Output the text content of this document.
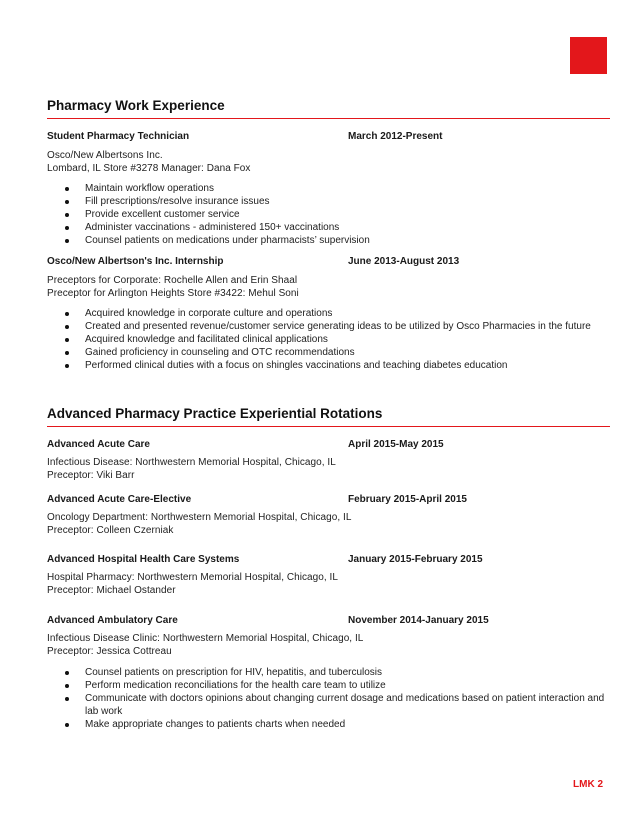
Pharmacy Work Experience
Student Pharmacy Technician	March 2012-Present
Osco/New Albertsons Inc.
Lombard, IL Store #3278 Manager: Dana Fox
Maintain workflow operations
Fill prescriptions/resolve insurance issues
Provide excellent customer service
Administer vaccinations - administered 150+ vaccinations
Counsel patients on medications under pharmacists’ supervision
Osco/New Albertson's Inc. Internship	June 2013-August 2013
Preceptors for Corporate: Rochelle Allen and Erin Shaal
Preceptor for Arlington Heights Store #3422: Mehul Soni
Acquired knowledge in corporate culture and operations
Created and presented revenue/customer service generating ideas to be utilized by Osco Pharmacies in the future
Acquired knowledge and facilitated clinical applications
Gained proficiency in counseling and OTC recommendations
Performed clinical duties with a focus on shingles vaccinations and teaching diabetes education
Advanced Pharmacy Practice Experiential Rotations
Advanced Acute Care	April 2015-May 2015
Infectious Disease: Northwestern Memorial Hospital, Chicago, IL
Preceptor: Viki Barr
Advanced Acute Care-Elective	February 2015-April 2015
Oncology Department: Northwestern Memorial Hospital, Chicago, IL
Preceptor: Colleen Czerniak
Advanced Hospital Health Care Systems	January 2015-February 2015
Hospital Pharmacy: Northwestern Memorial Hospital, Chicago, IL
Preceptor: Michael Ostander
Advanced Ambulatory Care	November 2014-January 2015
Infectious Disease Clinic: Northwestern Memorial Hospital, Chicago, IL
Preceptor: Jessica Cottreau
Counsel patients on prescription for HIV, hepatitis, and tuberculosis
Perform medication reconciliations for the health care team to utilize
Communicate with doctors opinions about changing current dosage and medications based on patient interaction and lab work
Make appropriate changes to patients charts when needed
LMK 2
